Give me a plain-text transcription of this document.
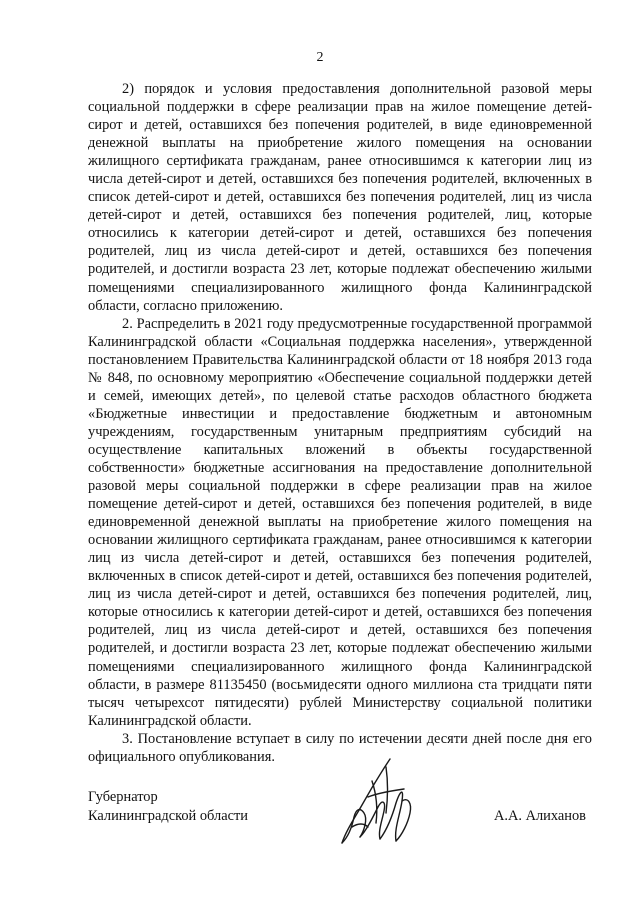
2

2) порядок и условия предоставления дополнительной разовой меры социальной поддержки в сфере реализации прав на жилое помещение детей-сирот и детей, оставшихся без попечения родителей, в виде единовременной денежной выплаты на приобретение жилого помещения на основании жилищного сертификата гражданам, ранее относившимся к категории лиц из числа детей-сирот и детей, оставшихся без попечения родителей, включенных в список детей-сирот и детей, оставшихся без попечения родителей, лиц из числа детей-сирот и детей, оставшихся без попечения родителей, лиц, которые относились к категории детей-сирот и детей, оставшихся без попечения родителей, лиц из числа детей-сирот и детей, оставшихся без попечения родителей, и достигли возраста 23 лет, которые подлежат обеспечению жилыми помещениями специализированного жилищного фонда Калининградской области, согласно приложению.

2. Распределить в 2021 году предусмотренные государственной программой Калининградской области «Социальная поддержка населения», утвержденной постановлением Правительства Калининградской области от 18 ноября 2013 года № 848, по основному мероприятию «Обеспечение социальной поддержки детей и семей, имеющих детей», по целевой статье расходов областного бюджета «Бюджетные инвестиции и предоставление бюджетным и автономным учреждениям, государственным унитарным предприятиям субсидий на осуществление капитальных вложений в объекты государственной собственности» бюджетные ассигнования на предоставление дополнительной разовой меры социальной поддержки в сфере реализации прав на жилое помещение детей-сирот и детей, оставшихся без попечения родителей, в виде единовременной денежной выплаты на приобретение жилого помещения на основании жилищного сертификата гражданам, ранее относившимся к категории лиц из числа детей-сирот и детей, оставшихся без попечения родителей, включенных в список детей-сирот и детей, оставшихся без попечения родителей, лиц из числа детей-сирот и детей, оставшихся без попечения родителей, лиц, которые относились к категории детей-сирот и детей, оставшихся без попечения родителей, лиц из числа детей-сирот и детей, оставшихся без попечения родителей, и достигли возраста 23 лет, которые подлежат обеспечению жилыми помещениями специализированного жилищного фонда Калининградской области, в размере 81135450 (восьмидесяти одного миллиона ста тридцати пяти тысяч четырехсот пятидесяти) рублей Министерству социальной политики Калининградской области.

3. Постановление вступает в силу по истечении десяти дней после дня его официального опубликования.

Губернатор
Калининградской области	А.А. Алиханов
